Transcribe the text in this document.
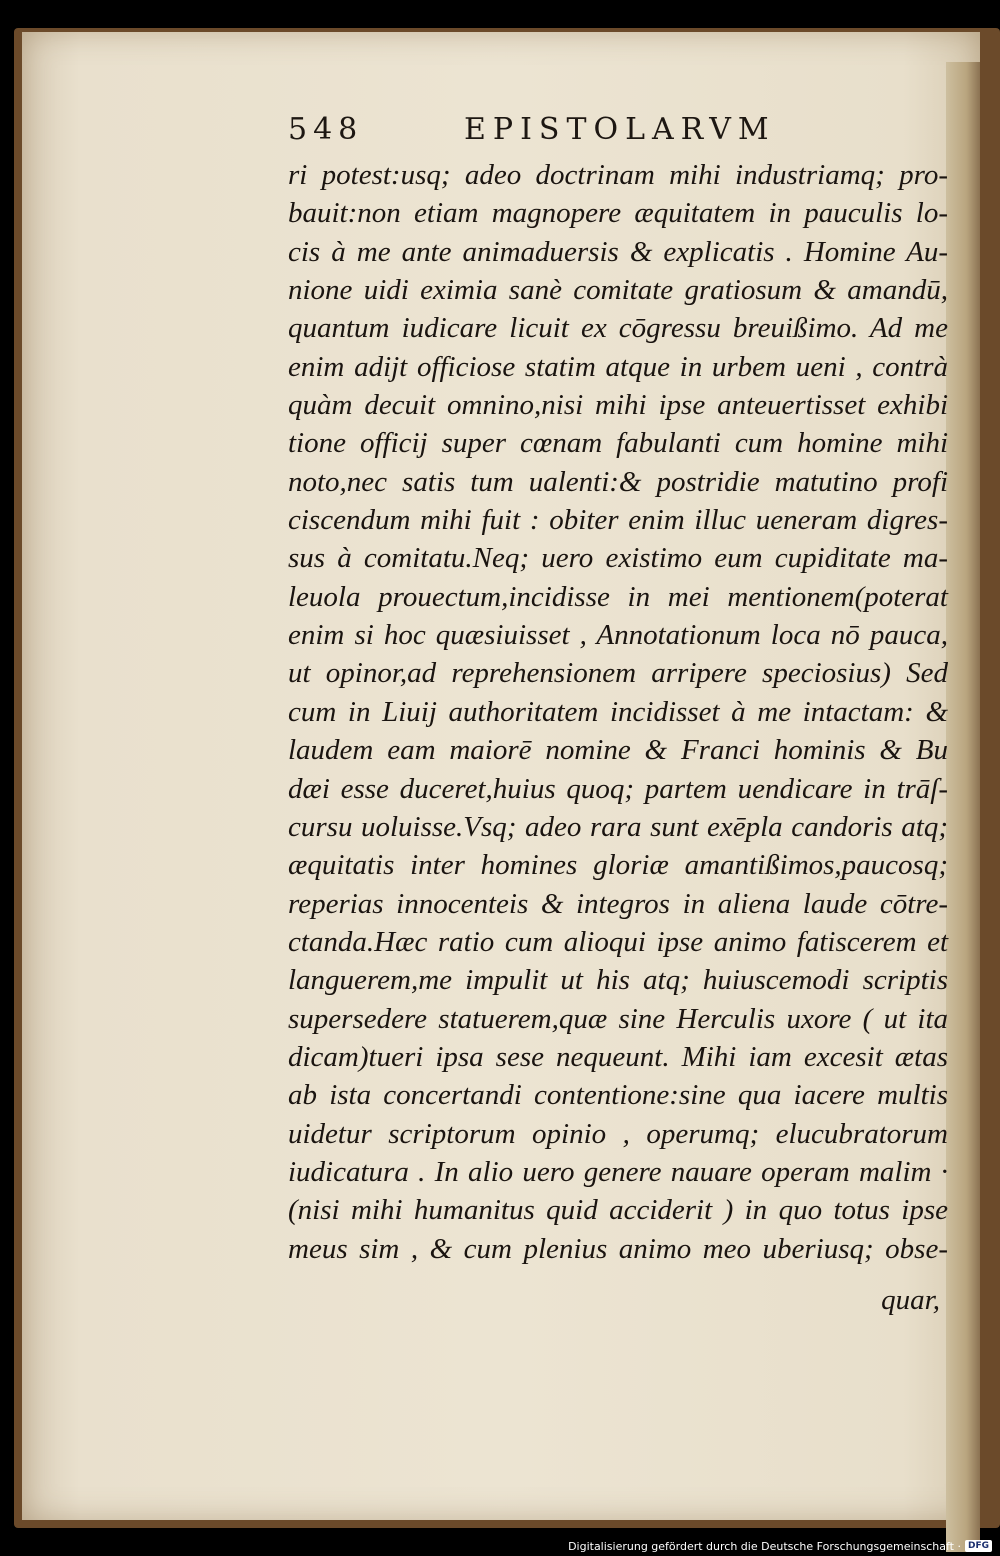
548	EPISTOLARVM
ri potest:usq; adeo doctrinam mihi industriamq; pro-
bauit:non etiam magnopere æquitatem in pauculis lo-
cis à me ante animaduersis & explicatis . Homine Au-
nione uidi eximia sanè comitate gratiosum & amandū,
quantum iudicare licuit ex cōgressu breuißimo. Ad me
enim adijt officiose statim atque in urbem ueni , contrà
quàm decuit omnino,nisi mihi ipse anteuertisset exhibi
tione officij super cœnam fabulanti cum homine mihi
noto,nec satis tum ualenti:& postridie matutino profi
ciscendum mihi fuit : obiter enim illuc ueneram digres-
sus à comitatu.Neq; uero existimo eum cupiditate ma-
leuola prouectum,incidisse in mei mentionem(poterat
enim si hoc quæsiuisset , Annotationum loca nō pauca,
ut opinor,ad reprehensionem arripere speciosius) Sed
cum in Liuij authoritatem incidisset à me intactam: &
laudem eam maiorē nomine & Franci hominis & Bu
dæi esse duceret,huius quoq; partem uendicare in trāſ-
cursu uoluisse.Vsq; adeo rara sunt exēpla candoris atq;
æquitatis inter homines gloriæ amantißimos,paucosq;
reperias innocenteis & integros in aliena laude cōtre-
ctanda.Hæc ratio cum alioqui ipse animo fatiscerem et
languerem,me impulit ut his atq; huiuscemodi scriptis
supersedere statuerem,quæ sine Herculis uxore ( ut ita
dicam)tueri ipsa sese nequeunt. Mihi iam excesit ætas
ab ista concertandi contentione:sine qua iacere multis
uidetur scriptorum opinio , operumq; elucubratorum
iudicatura . In alio uero genere nauare operam malim ·
(nisi mihi humanitus quid acciderit ) in quo totus ipse
meus sim , & cum plenius animo meo uberiusq; obse-
quar,
Digitalisierung gefördert durch die Deutsche Forschungsgemeinschaft · DFG
